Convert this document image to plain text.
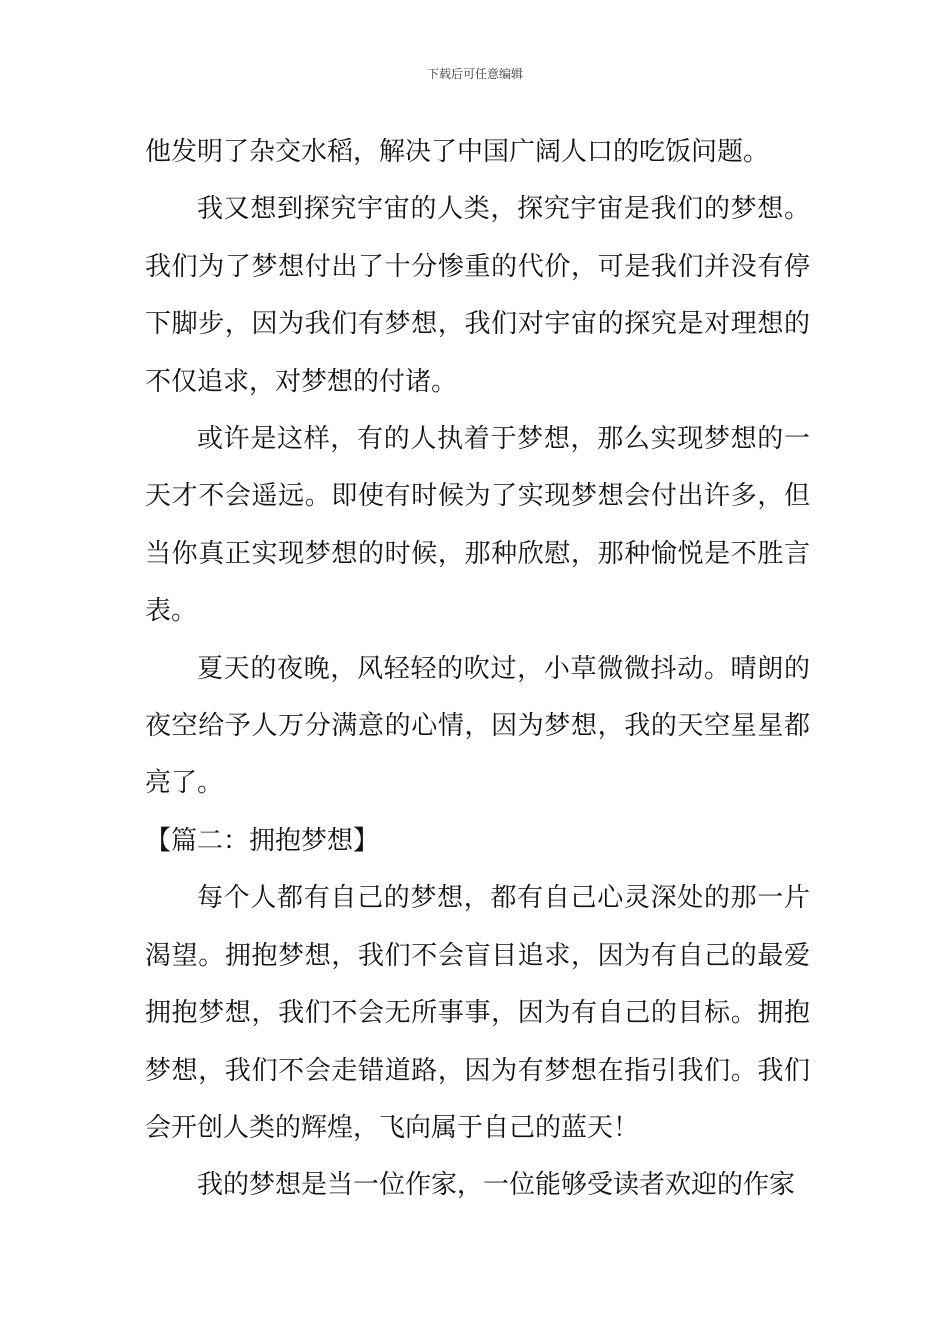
下载后可任意编辑

他发明了杂交水稻，解决了中国广阔人口的吃饭问题。

我又想到探究宇宙的人类，探究宇宙是我们的梦想。我们为了梦想付出了十分惨重的代价，可是我们并没有停下脚步，因为我们有梦想，我们对宇宙的探究是对理想的不仅追求，对梦想的付诸。

或许是这样，有的人执着于梦想，那么实现梦想的一天才不会遥远。即使有时候为了实现梦想会付出许多，但当你真正实现梦想的时候，那种欣慰，那种愉悦是不胜言表。

夏天的夜晚，风轻轻的吹过，小草微微抖动。晴朗的夜空给予人万分满意的心情，因为梦想，我的天空星星都亮了。

【篇二：拥抱梦想】

每个人都有自己的梦想，都有自己心灵深处的那一片渴望。拥抱梦想，我们不会盲目追求，因为有自己的最爱拥抱梦想，我们不会无所事事，因为有自己的目标。拥抱梦想，我们不会走错道路，因为有梦想在指引我们。我们会开创人类的辉煌，飞向属于自己的蓝天！

我的梦想是当一位作家，一位能够受读者欢迎的作家
